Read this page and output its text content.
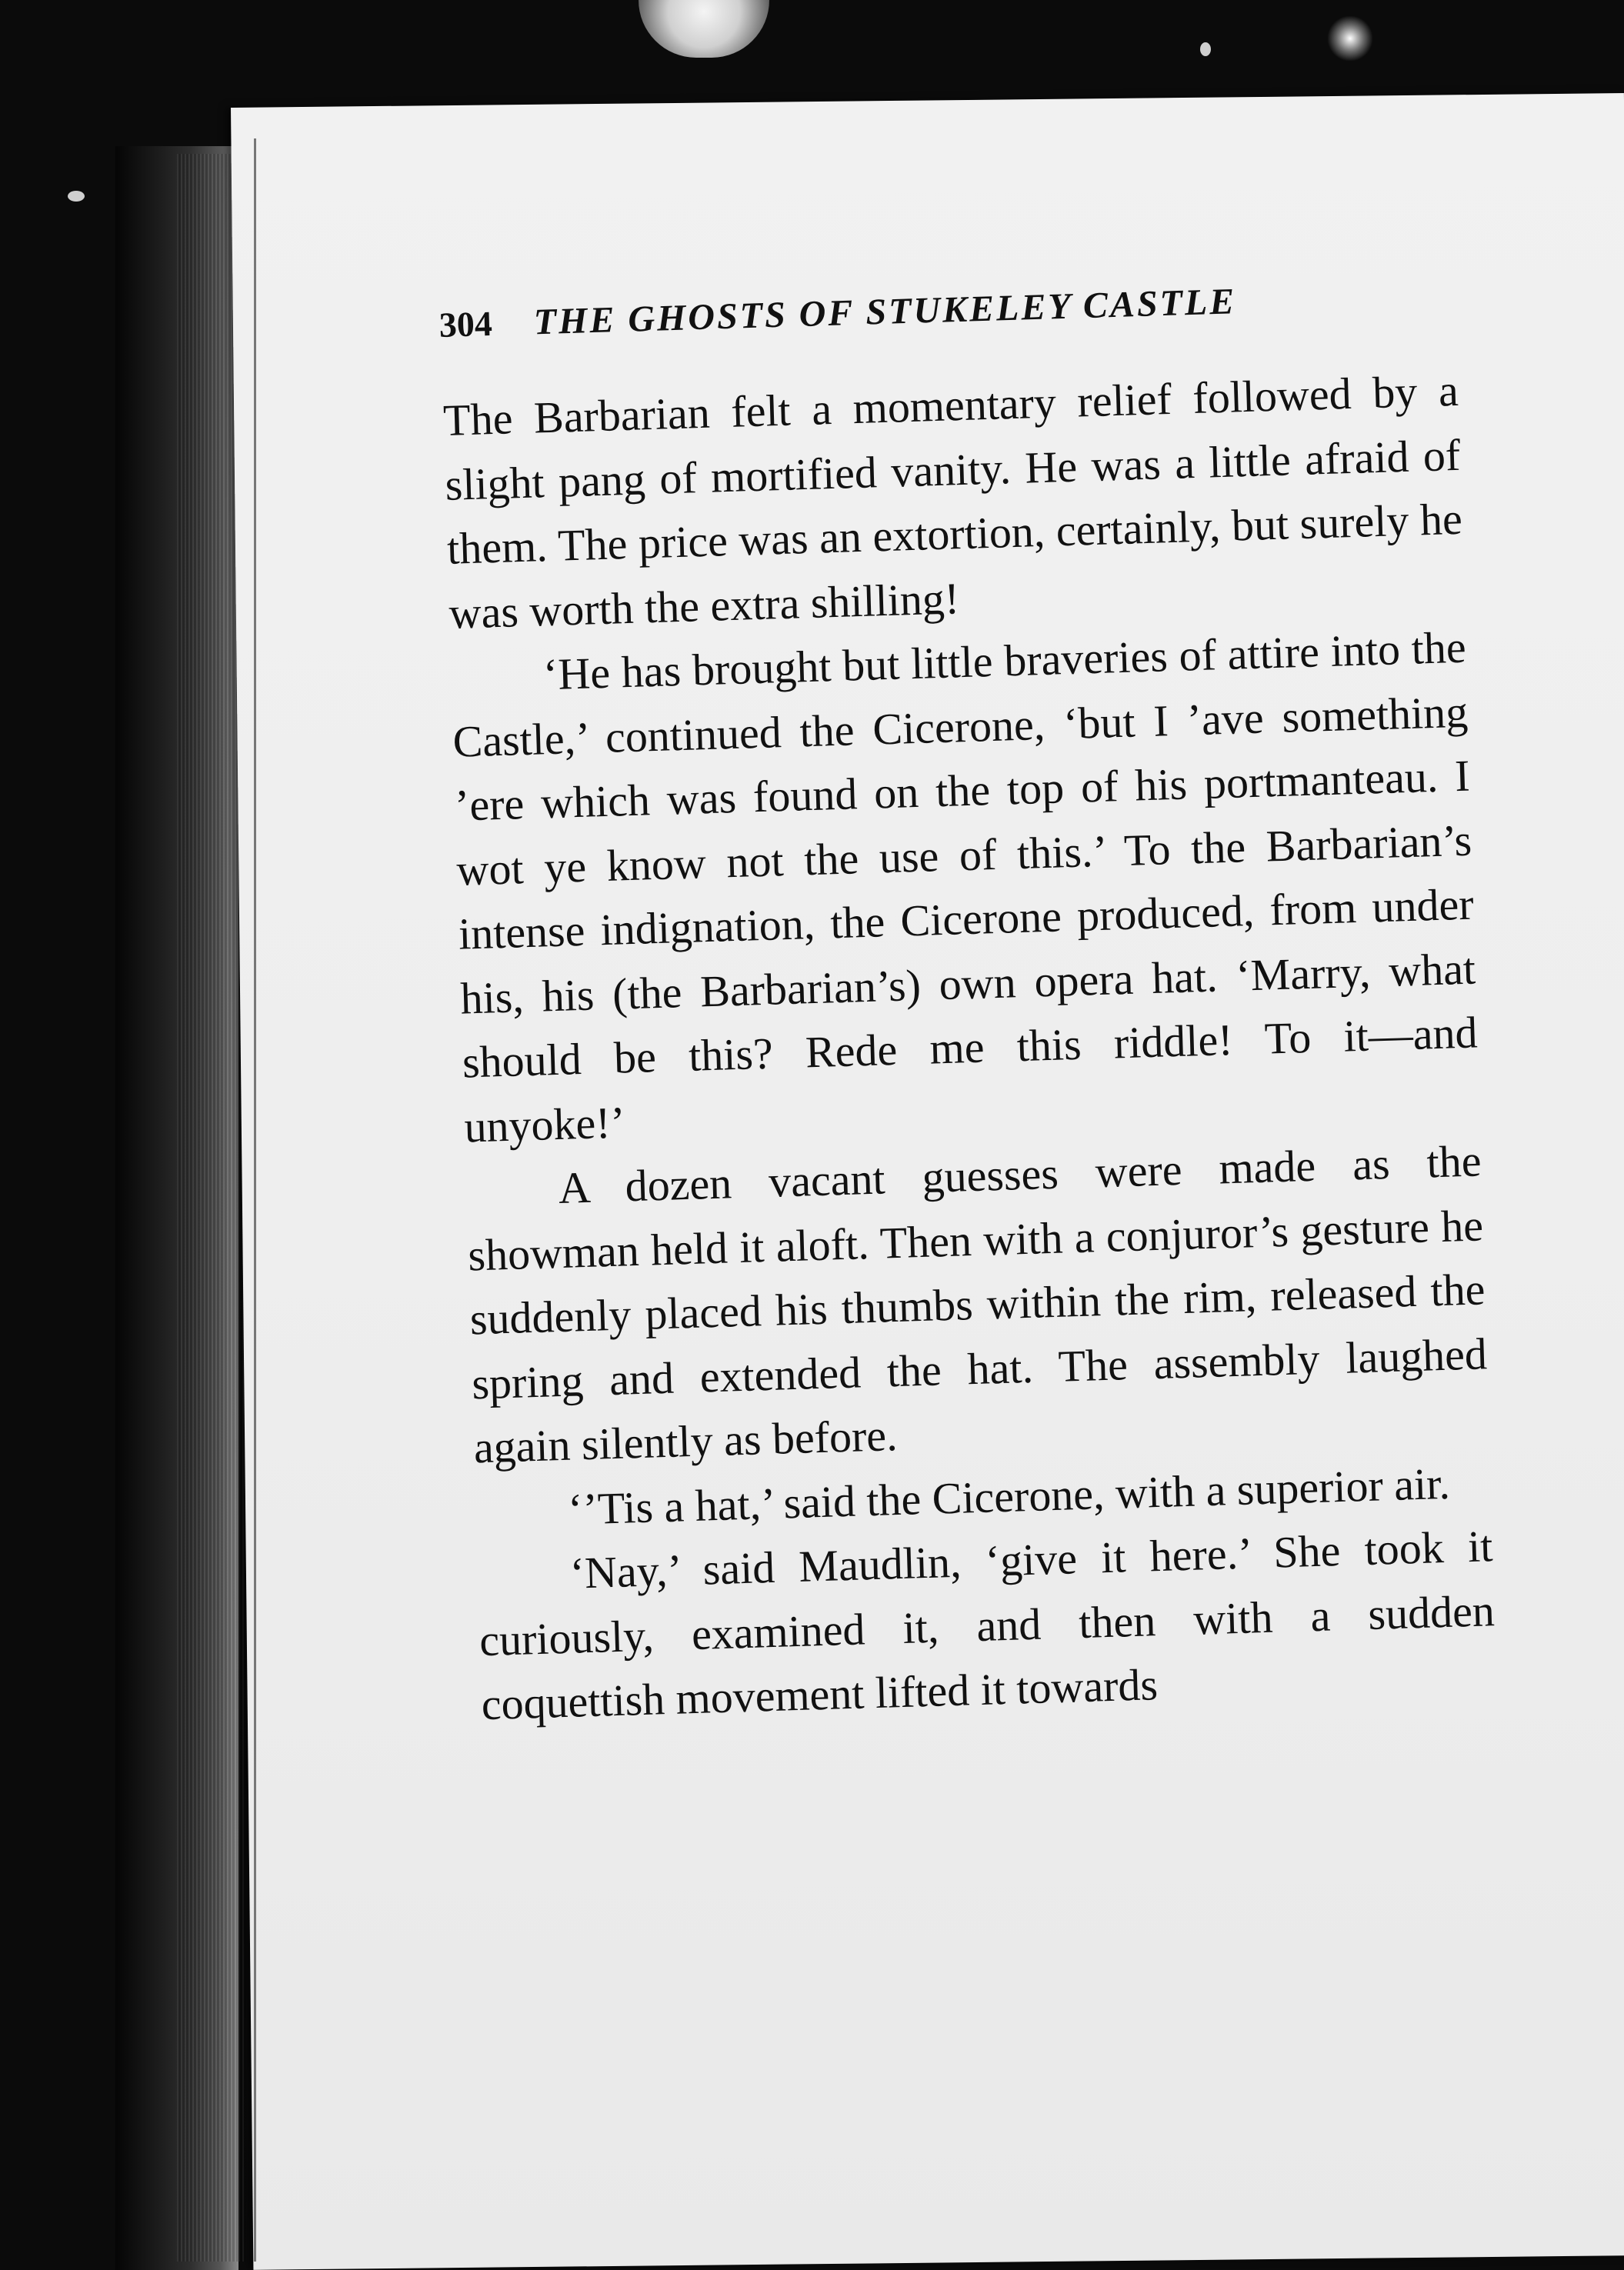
304 THE GHOSTS OF STUKELEY CASTLE

The Barbarian felt a momentary relief followed by a slight pang of mortified vanity. He was a little afraid of them. The price was an extortion, certainly, but surely he was worth the extra shilling!

‘He has brought but little braveries of attire into the Castle,’ continued the Cicerone, ‘but I ’ave something ’ere which was found on the top of his portmanteau. I wot ye know not the use of this.’ To the Barbarian’s intense indignation, the Cicerone produced, from under his, his (the Barbarian’s) own opera hat. ‘Marry, what should be this? Rede me this riddle! To it—and unyoke!’

A dozen vacant guesses were made as the showman held it aloft. Then with a conjuror’s gesture he suddenly placed his thumbs within the rim, released the spring and extended the hat. The assembly laughed again silently as before.

‘’Tis a hat,’ said the Cicerone, with a superior air.

‘Nay,’ said Maudlin, ‘give it here.’ She took it curiously, examined it, and then with a sudden coquettish movement lifted it towards
